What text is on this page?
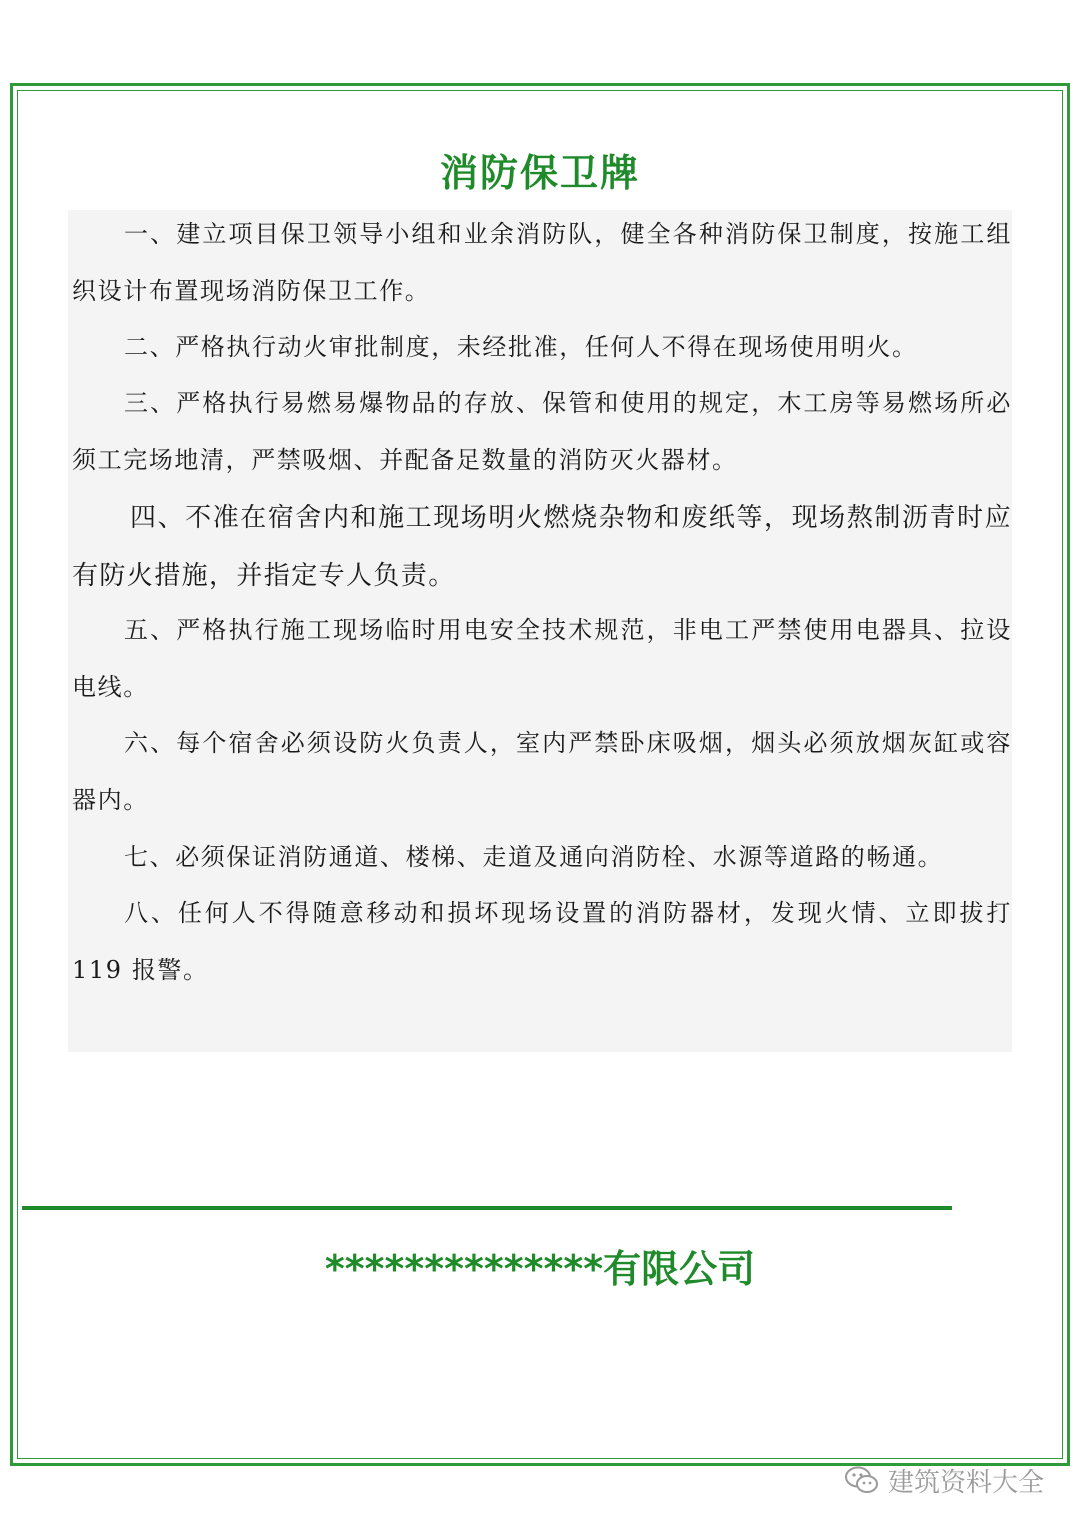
消防保卫牌

一、建立项目保卫领导小组和业余消防队，健全各种消防保卫制度，按施工组织设计布置现场消防保卫工作。

二、严格执行动火审批制度，未经批准，任何人不得在现场使用明火。

三、严格执行易燃易爆物品的存放、保管和使用的规定，木工房等易燃场所必须工完场地清，严禁吸烟、并配备足数量的消防灭火器材。

四、不准在宿舍内和施工现场明火燃烧杂物和废纸等，现场熬制沥青时应有防火措施，并指定专人负责。

五、严格执行施工现场临时用电安全技术规范，非电工严禁使用电器具、拉设电线。

六、每个宿舍必须设防火负责人，室内严禁卧床吸烟，烟头必须放烟灰缸或容器内。

七、必须保证消防通道、楼梯、走道及通向消防栓、水源等道路的畅通。

八、任何人不得随意移动和损坏现场设置的消防器材，发现火情、立即拔打119 报警。

**************有限公司
建筑资料大全
